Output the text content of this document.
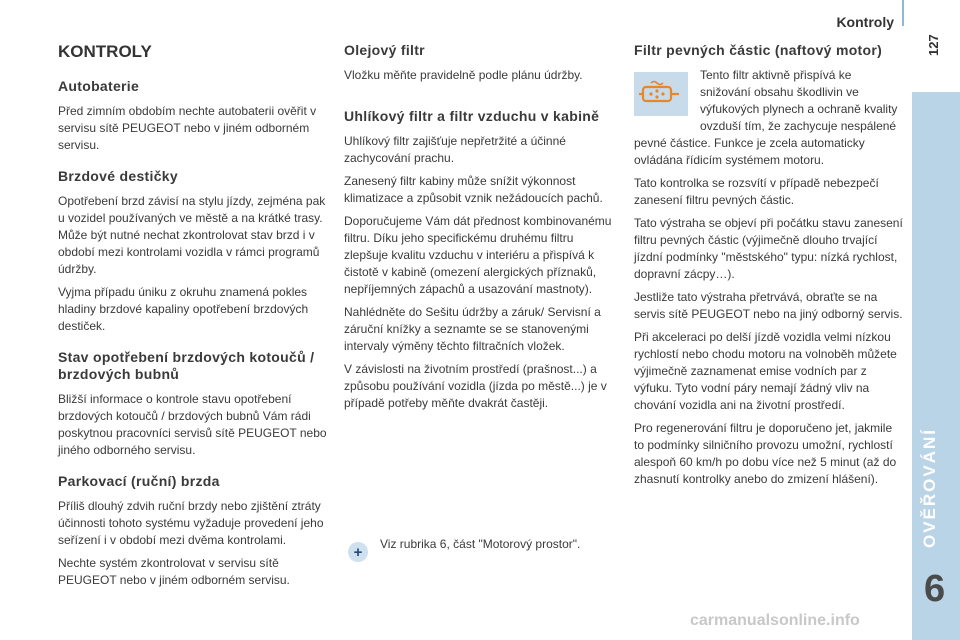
Kontroly
127
OVĚŘOVÁNÍ
6
KONTROLY
Autobaterie

Před zimním obdobím nechte autobaterii ověřit v servisu sítě PEUGEOT nebo v jiném odborném servisu.

Brzdové destičky

Opotřebení brzd závisí na stylu jízdy, zejména pak u vozidel používaných ve městě a na krátké trasy. Může být nutné nechat zkontrolovat stav brzd i v období mezi kontrolami vozidla v rámci programů údržby.

Vyjma případu úniku z okruhu znamená pokles hladiny brzdové kapaliny opotřebení brzdových destiček.

Stav opotřebení brzdových kotoučů / brzdových bubnů

Bližší informace o kontrole stavu opotřebení brzdových kotoučů / brzdových bubnů Vám rádi poskytnou pracovníci servisů sítě PEUGEOT nebo jiného odborného servisu.

Parkovací (ruční) brzda

Příliš dlouhý zdvih ruční brzdy nebo zjištění ztráty účinnosti tohoto systému vyžaduje provedení jeho seřízení i v období mezi dvěma kontrolami.

Nechte systém zkontrolovat v servisu sítě PEUGEOT nebo v jiném odborném servisu.

Olejový filtr

Vložku měňte pravidelně podle plánu údržby.

Uhlíkový filtr a filtr vzduchu v kabině

Uhlíkový filtr zajišťuje nepřetržité a účinné zachycování prachu.

Zanesený filtr kabiny může snížit výkonnost klimatizace a způsobit vznik nežádoucích pachů.

Doporučujeme Vám dát přednost kombinovanému filtru. Díku jeho specifickému druhému filtru zlepšuje kvalitu vzduchu v interiéru a přispívá k čistotě v kabině (omezení alergických příznaků, nepříjemných zápachů a usazování mastnoty).

Nahlédněte do Sešitu údržby a záruk/ Servisní a záruční knížky a seznamte se se stanovenými intervaly výměny těchto filtračních vložek.

V závislosti na životním prostředí (prašnost...) a způsobu používání vozidla (jízda po městě...) je v případě potřeby měňte dvakrát častěji.

+ Viz rubrika 6, část "Motorový prostor".

Filtr pevných částic (naftový motor)

Tento filtr aktivně přispívá ke snižování obsahu škodlivin ve výfukových plynech a ochraně kvality ovzduší tím, že zachycuje nespálené pevné částice. Funkce je zcela automaticky ovládána řídicím systémem motoru.

Tato kontrolka se rozsvítí v případě nebezpečí zanesení filtru pevných částic.

Tato výstraha se objeví při počátku stavu zanesení filtru pevných částic (výjimečně dlouho trvající jízdní podmínky "městského" typu: nízká rychlost, dopravní zácpy…).

Jestliže tato výstraha přetrvává, obraťte se na servis sítě PEUGEOT nebo na jiný odborný servis.

Při akceleraci po delší jízdě vozidla velmi nízkou rychlostí nebo chodu motoru na volnoběh můžete výjimečně zaznamenat emise vodních par z výfuku. Tyto vodní páry nemají žádný vliv na chování vozidla ani na životní prostředí.

Pro regenerování filtru je doporučeno jet, jakmile to podmínky silničního provozu umožní, rychlostí alespoň 60 km/h po dobu více než 5 minut (až do zhasnutí kontrolky anebo do zmizení hlášení).

carmanualsonline.info
